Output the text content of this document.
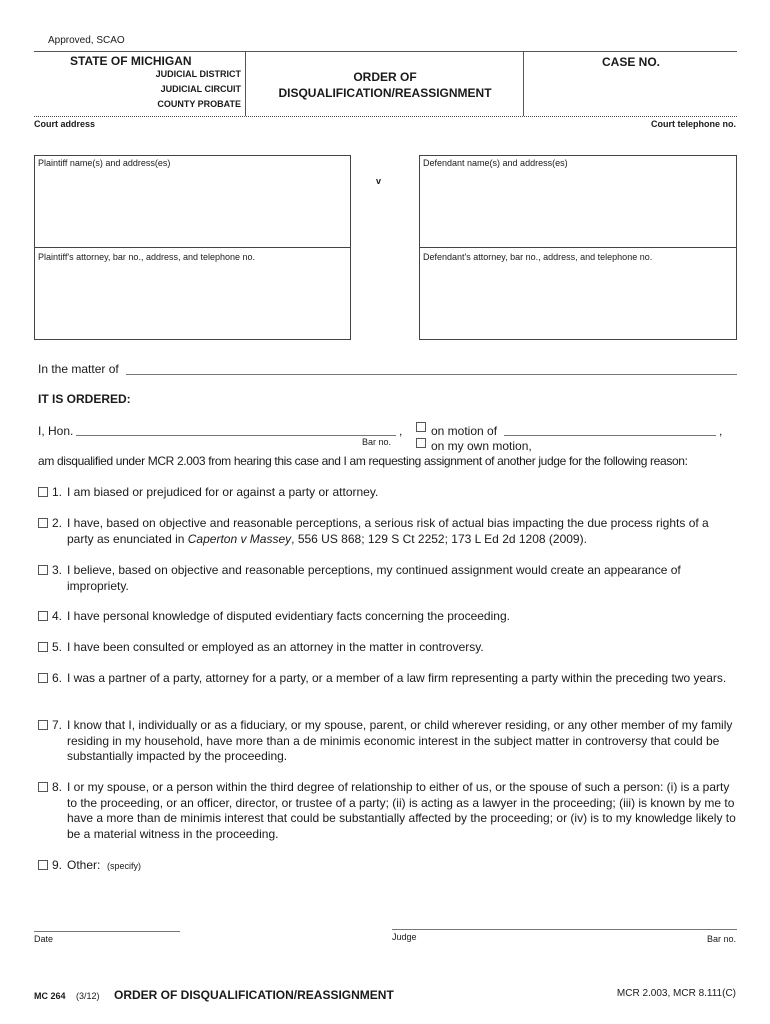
Approved, SCAO
STATE OF MICHIGAN
JUDICIAL DISTRICT
JUDICIAL CIRCUIT
COUNTY PROBATE
ORDER OF
DISQUALIFICATION/REASSIGNMENT
CASE NO.
Court address	Court telephone no.
Plaintiff name(s) and address(es)
Plaintiff's attorney, bar no., address, and telephone no.
v
Defendant name(s) and address(es)
Defendant's attorney, bar no., address, and telephone no.
In the matter of
IT IS ORDERED:
I, Hon.	,
Bar no.
on motion of	,
on my own motion,
am disqualified under MCR 2.003 from hearing this case and I am requesting assignment of another judge for the following reason:
1. I am biased or prejudiced for or against a party or attorney.
2. I have, based on objective and reasonable perceptions, a serious risk of actual bias impacting the due process rights of a party as enunciated in Caperton v Massey, 556 US 868; 129 S Ct 2252; 173 L Ed 2d 1208 (2009).
3. I believe, based on objective and reasonable perceptions, my continued assignment would create an appearance of impropriety.
4. I have personal knowledge of disputed evidentiary facts concerning the proceeding.
5. I have been consulted or employed as an attorney in the matter in controversy.
6. I was a partner of a party, attorney for a party, or a member of a law firm representing a party within the preceding two years.
7. I know that I, individually or as a fiduciary, or my spouse, parent, or child wherever residing, or any other member of my family residing in my household, have more than a de minimis economic interest in the subject matter in controversy that could be substantially impacted by the proceeding.
8. I or my spouse, or a person within the third degree of relationship to either of us, or the spouse of such a person: (i) is a party to the proceeding, or an officer, director, or trustee of a party; (ii) is acting as a lawyer in the proceeding; (iii) is known by me to have a more than de minimis interest that could be substantially affected by the proceeding; or (iv) is to my knowledge likely to be a material witness in the proceeding.
9. Other: (specify)
Date	Judge	Bar no.
MC 264 (3/12) ORDER OF DISQUALIFICATION/REASSIGNMENT	MCR 2.003, MCR 8.111(C)
